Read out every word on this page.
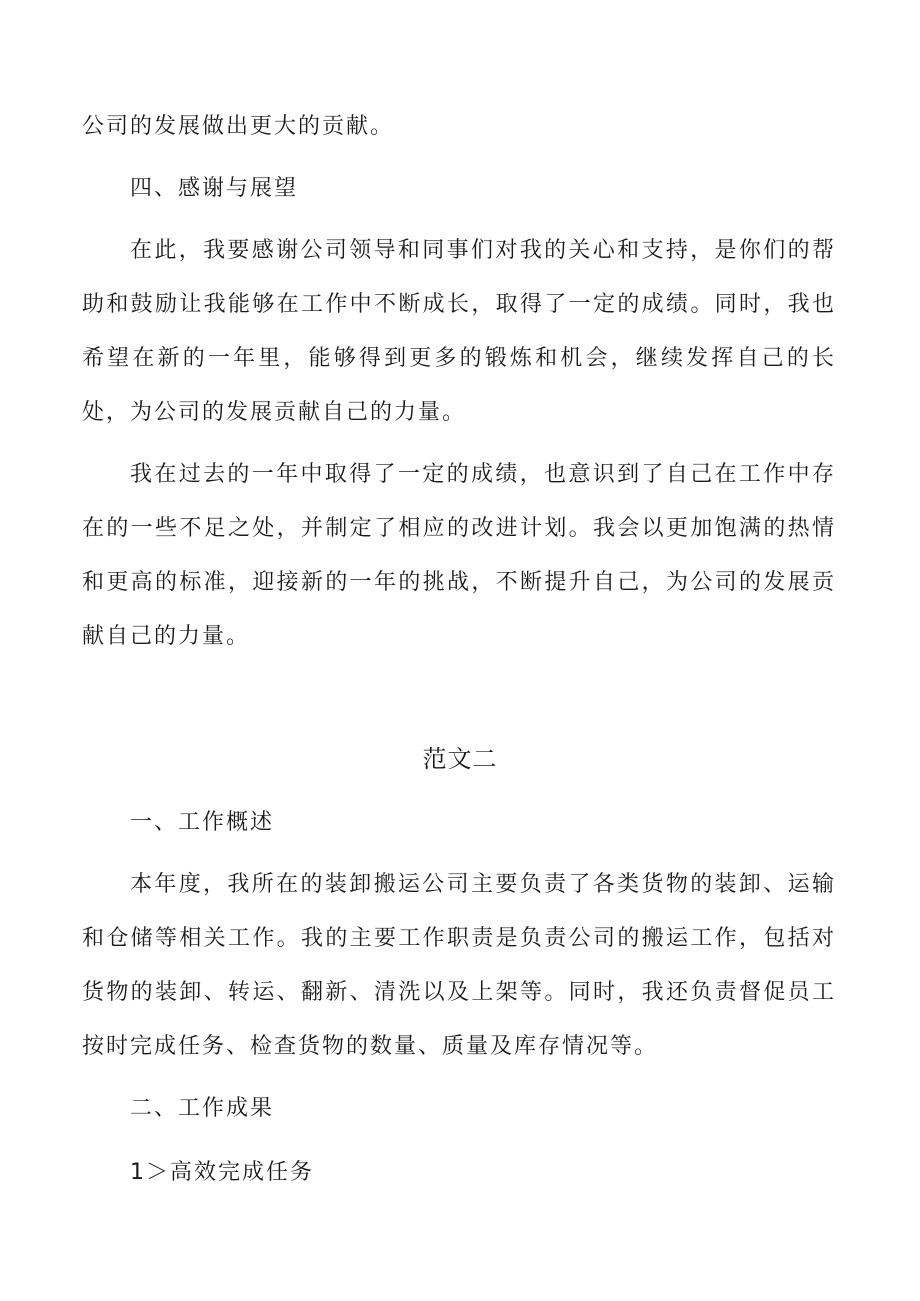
公司的发展做出更大的贡献。

四、感谢与展望

在此，我要感谢公司领导和同事们对我的关心和支持，是你们的帮助和鼓励让我能够在工作中不断成长，取得了一定的成绩。同时，我也希望在新的一年里，能够得到更多的锻炼和机会，继续发挥自己的长处，为公司的发展贡献自己的力量。

我在过去的一年中取得了一定的成绩，也意识到了自己在工作中存在的一些不足之处，并制定了相应的改进计划。我会以更加饱满的热情和更高的标准，迎接新的一年的挑战，不断提升自己，为公司的发展贡献自己的力量。

范文二

一、工作概述

本年度，我所在的装卸搬运公司主要负责了各类货物的装卸、运输和仓储等相关工作。我的主要工作职责是负责公司的搬运工作，包括对货物的装卸、转运、翻新、清洗以及上架等。同时，我还负责督促员工按时完成任务、检查货物的数量、质量及库存情况等。

二、工作成果

1＞高效完成任务
